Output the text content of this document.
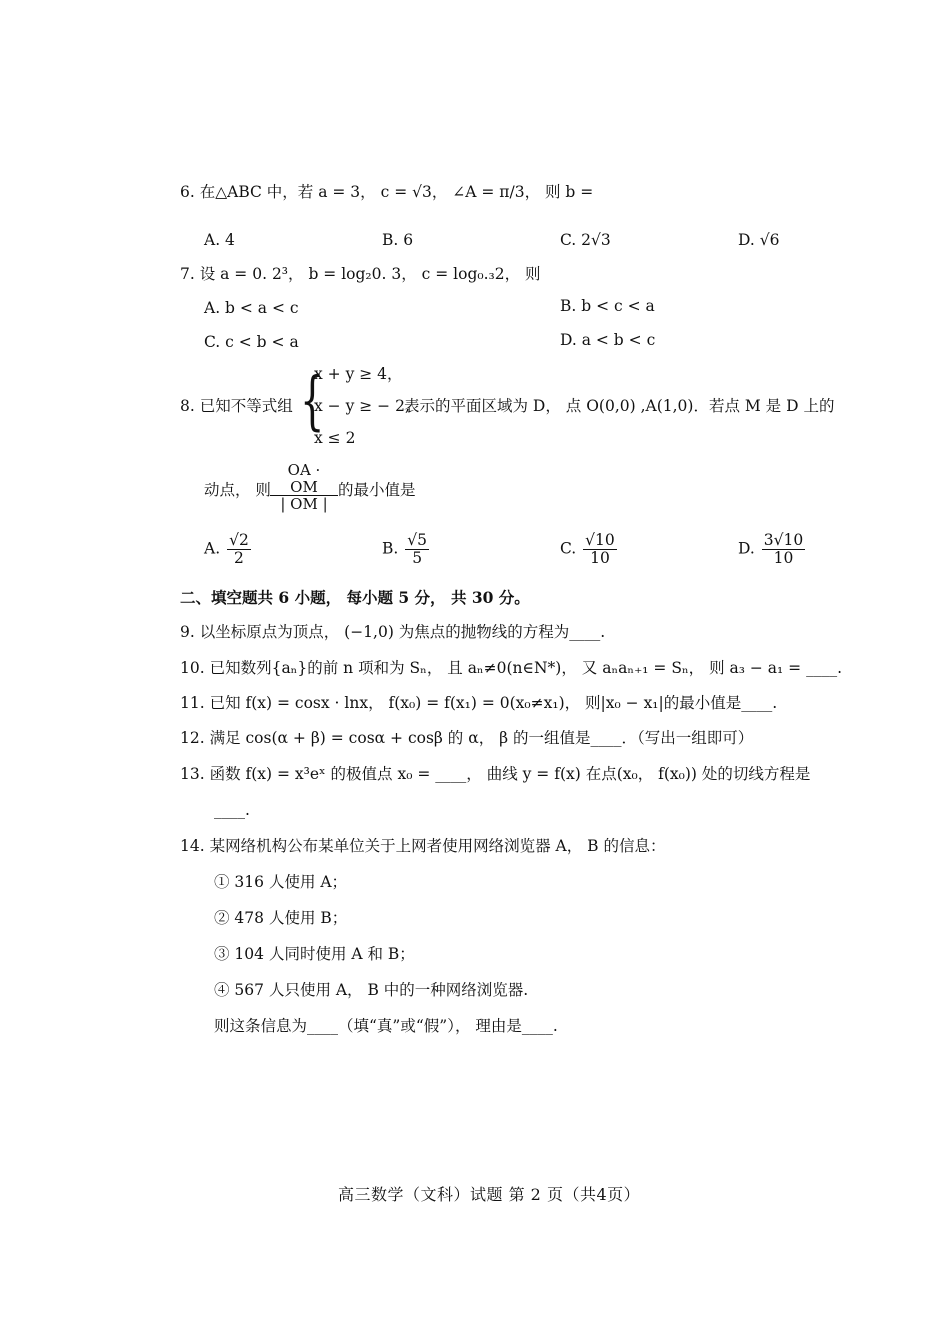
6. 在△ABC 中，若 a = 3， c = √3， ∠A = π/3， 则 b =
A. 4	B. 6	C. 2√3	D. √6
7. 设 a = 0. 2³， b = log₂0. 3， c = log₀.₃2， 则
A. b < a < c	B. b < c < a
C. c < b < a	D. a < b < c
8. 已知不等式组 {
x + y ≥ 4，
x − y ≥ − 2,
x ≤ 2
表示的平面区域为 D， 点 O(0,0) ,A(1,0)．若点 M 是 D 上的
动点， 则 $\frac{OA \cdot OM}{| OM |}$ 的最小值是
A. $\frac{√2}{2}$	B. $\frac{√5}{5}$	C. $\frac{√10}{10}$	D. $\frac{3√10}{10}$
二、填空题共 6 小题， 每小题 5 分， 共 30 分。
9. 以坐标原点为顶点， (−1,0) 为焦点的抛物线的方程为____.
10. 已知数列{aₙ}的前 n 项和为 Sₙ， 且 aₙ≠0(n∈N*)， 又 aₙaₙ₊₁ = Sₙ， 则 a₃ − a₁ = ____.
11. 已知 f(x) = cosx · lnx， f(x₀) = f(x₁) = 0(x₀≠x₁)， 则|x₀ − x₁|的最小值是____.
12. 满足 cos(α + β) = cosα + cosβ 的 α， β 的一组值是____．（写出一组即可）
13. 函数 f(x) = x³eˣ 的极值点 x₀ = ____， 曲线 y = f(x) 在点(x₀， f(x₀)) 处的切线方程是
____.
14. 某网络机构公布某单位关于上网者使用网络浏览器 A， B 的信息：
① 316 人使用 A；
② 478 人使用 B；
③ 104 人同时使用 A 和 B；
④ 567 人只使用 A， B 中的一种网络浏览器.
则这条信息为____（填“真”或“假”）， 理由是____.
高三数学（文科）试题 第 2 页（共4页）
